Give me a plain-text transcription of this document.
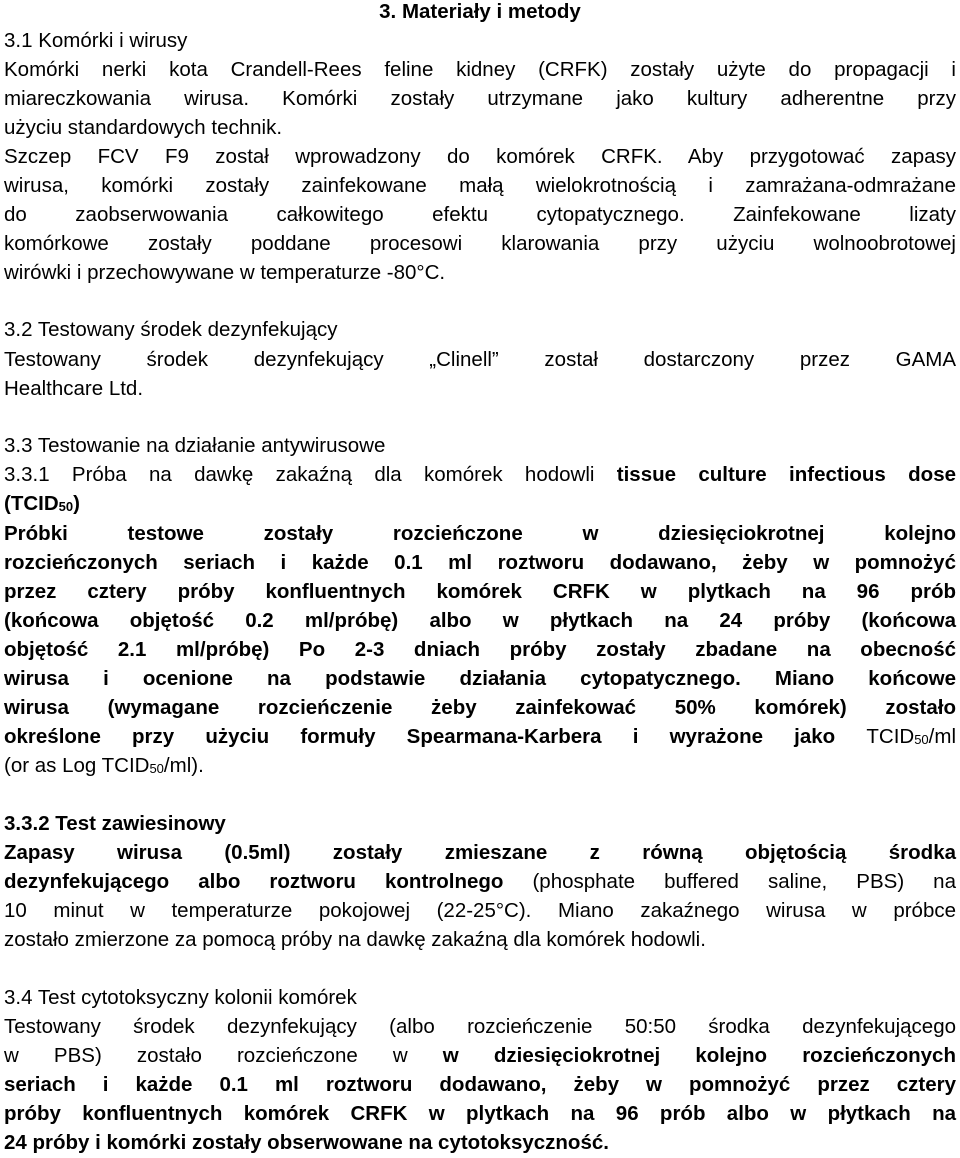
3. Materiały i metody
3.1 Komórki i wirusy
Komórki nerki kota Crandell-Rees feline kidney (CRFK) zostały użyte do propagacji i
miareczkowania wirusa. Komórki zostały utrzymane jako kultury adherentne przy
użyciu standardowych technik.
Szczep FCV F9 został wprowadzony do komórek CRFK. Aby przygotować zapasy
wirusa, komórki zostały zainfekowane małą wielokrotnością i zamrażana-odmrażane
do zaobserwowania całkowitego efektu cytopatycznego. Zainfekowane lizaty
komórkowe zostały poddane procesowi klarowania przy użyciu wolnoobrotowej
wirówki i przechowywane w temperaturze -80°C.
3.2 Testowany środek dezynfekujący
Testowany środek dezynfekujący „Clinell” został dostarczony przez GAMA
Healthcare Ltd.
3.3 Testowanie na działanie antywirusowe
3.3.1 Próba na dawkę zakaźną dla komórek hodowli tissue culture infectious dose
$(TCID_{50})$
Próbki testowe zostały rozcieńczone w dziesięciokrotnej kolejno
rozcieńczonych seriach i każde 0.1 ml roztworu dodawano, żeby w pomnożyć
przez cztery próby konfluentnych komórek CRFK w plytkach na 96 prób
(końcowa objętość 0.2 ml/próbę) albo w płytkach na 24 próby (końcowa
objętość 2.1 ml/próbę) Po 2-3 dniach próby zostały zbadane na obecność
wirusa i ocenione na podstawie działania cytopatycznego. Miano końcowe
wirusa (wymagane rozcieńczenie żeby zainfekować 50% komórek) zostało
określone przy użyciu formuły Spearmana-Karbera i wyrażone jako $TCID_{50}/ml$
(or as Log $TCID_{50}/ml$).
3.3.2 Test zawiesinowy
Zapasy wirusa (0.5ml) zostały zmieszane z równą objętością środka
dezynfekującego albo roztworu kontrolnego (phosphate buffered saline, PBS) na
10 minut w temperaturze pokojowej (22-25°C). Miano zakaźnego wirusa w próbce
zostało zmierzone za pomocą próby na dawkę zakaźną dla komórek hodowli.
3.4 Test cytotoksyczny kolonii komórek
Testowany środek dezynfekujący (albo rozcieńczenie 50:50 środka dezynfekującego
w PBS) zostało rozcieńczone w w dziesięciokrotnej kolejno rozcieńczonych
seriach i każde 0.1 ml roztworu dodawano, żeby w pomnożyć przez cztery
próby konfluentnych komórek CRFK w plytkach na 96 prób albo w płytkach na
24 próby i komórki zostały obserwowane na cytotoksyczność.
